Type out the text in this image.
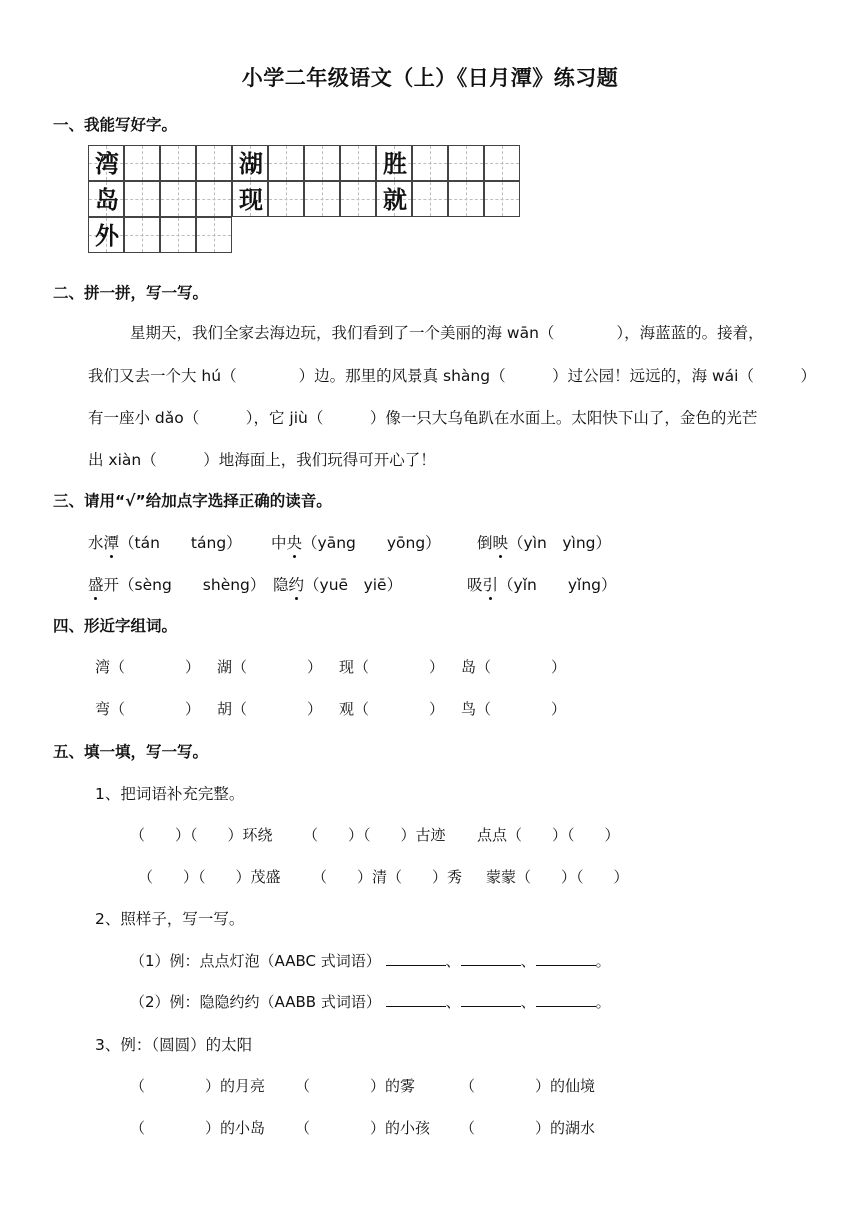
小学二年级语文（上）《日月潭》练习题
一、我能写好字。
湾	湖	胜
岛	现	就
外
二、拼一拼，写一写。
星期天，我们全家去海边玩，我们看到了一个美丽的海 wān（　　　　），海蓝蓝的。接着，
我们又去一个大 hú（　　　　）边。那里的风景真 shàng（　　　）过公园！远远的，海 wái（　　　）
有一座小 dǎo（　　　），它 jiù（　　　）像一只大乌龟趴在水面上。太阳快下山了，金色的光芒
出 xiàn（　　　）地海面上，我们玩得可开心了！
三、请用“√”给加点字选择正确的读音。
水潭（tán　　táng） 中央（yāng　　yōng） 倒映（yìn　yìng）
盛开（sèng　　shèng） 隐约（yuē　yiē）	吸引（yǐn　　yǐng）
四、形近字组词。
湾（　　　　） 湖（　　　　） 现（　　　　） 岛（　　　　）
弯（　　　　） 胡（　　　　） 观（　　　　） 鸟（　　　　）
五、填一填，写一写。
1、把词语补充完整。
（　　）（　　）环绕 （　　）（　　）古迹 点点（　　）（　　）
（　　）（　　）茂盛 （　　）清（　　）秀 蒙蒙（　　）（　　）
2、照样子，写一写。
（1）例：点点灯泡（AABC 式词语）	、	、	。
（2）例：隐隐约约（AABB 式词语）	、	、	。
3、例：（圆圆）的太阳
（　　　　）的月亮 （　　　　）的雾	（　　　　）的仙境
（　　　　）的小岛 （　　　　）的小孩 （　　　　）的湖水
